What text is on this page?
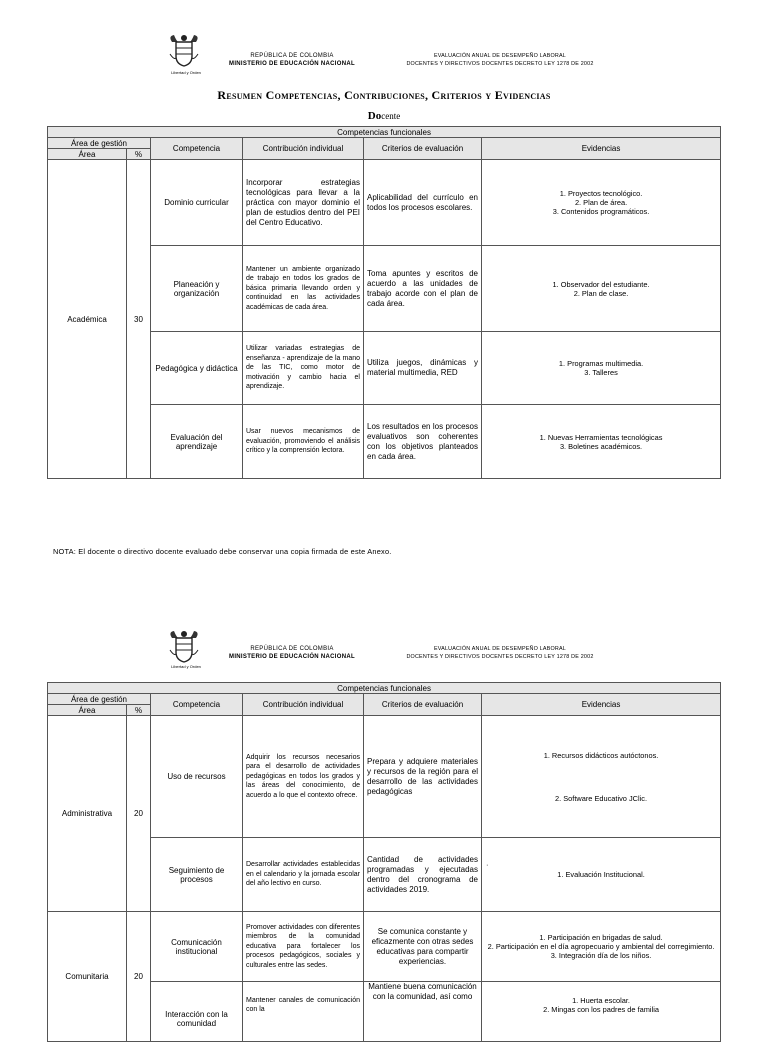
Libertad y Orden
REPÚBLICA DE COLOMBIA
MINISTERIO DE EDUCACIÓN NACIONAL
EVALUACIÓN ANUAL DE DESEMPEÑO LABORAL
DOCENTES Y DIRECTIVOS DOCENTES DECRETO LEY 1278 DE 2002
Resumen Competencias, Contribuciones, Criterios y Evidencias
Docente
Competencias funcionales					
Área de gestión		Competencia	Contribución individual	Criterios de evaluación	Evidencias
Área	%				
Académica	30	Dominio curricular	Incorporar estrategias tecnológicas para llevar a la práctica con mayor dominio el plan de estudios dentro del PEI del Centro Educativo.	Aplicabilidad del currículo en todos los procesos escolares.	1. Proyectos tecnológico.
2. Plan de área.
3. Contenidos programáticos.

		Planeación y organización	Mantener un ambiente organizado de trabajo en todos los grados de básica primaria llevando orden y continuidad en las actividades académicas de cada área.	Toma apuntes y escritos de acuerdo a las unidades de trabajo acorde con el plan de cada área.	1. Observador del estudiante.
2. Plan de clase.

		Pedagógica y didáctica	Utilizar variadas estrategias de enseñanza - aprendizaje de la mano de las TIC, como motor de motivación y cambio hacia el aprendizaje.	Utiliza juegos, dinámicas y material multimedia, RED	1. Programas multimedia.
3. Talleres

		Evaluación del aprendizaje	Usar nuevos mecanismos de evaluación, promoviendo el análisis crítico y la comprensión lectora.	Los resultados en los procesos evaluativos son coherentes con los objetivos planteados en cada área.	1. Nuevas Herramientas tecnológicas
3. Boletines académicos.
NOTA: El docente o directivo docente evaluado debe conservar una copia firmada de este Anexo.
Libertad y Orden
REPÚBLICA DE COLOMBIA
MINISTERIO DE EDUCACIÓN NACIONAL
EVALUACIÓN ANUAL DE DESEMPEÑO LABORAL
DOCENTES Y DIRECTIVOS DOCENTES DECRETO LEY 1278 DE 2002
Competencias funcionales					
Área de gestión		Competencia	Contribución individual	Criterios de evaluación	Evidencias
Área	%				
Administrativa	20	Uso de recursos	Adquirir los recursos necesarios para el desarrollo de actividades pedagógicas en todos los grados y las áreas del conocimiento, de acuerdo a lo que el contexto ofrece.	Prepara y adquiere materiales y recursos de la región para el desarrollo de las actividades pedagógicas	1. Recursos didácticos autóctonos.
2. Software Educativo JClic.

		Seguimiento de procesos	Desarrollar actividades establecidas en el calendario y la jornada escolar del año lectivo en curso.	Cantidad de actividades programadas y ejecutadas dentro del cronograma de actividades 2019.	·
1. Evaluación Institucional.

Comunitaria	20	Comunicación institucional	Promover actividades con diferentes miembros de la comunidad educativa para fortalecer los procesos pedagógicos, sociales y culturales entre las sedes.	Se comunica constante y eficazmente con otras sedes educativas para compartir experiencias.	1. Participación en brigadas de salud.
2. Participación en el día agropecuario y ambiental del corregimiento.
3. Integración día de los niños.

		Interacción con la comunidad	Mantener canales de comunicación con la	Mantiene buena comunicación con la comunidad, así como	1. Huerta escolar.
2. Mingas con los padres de familia
